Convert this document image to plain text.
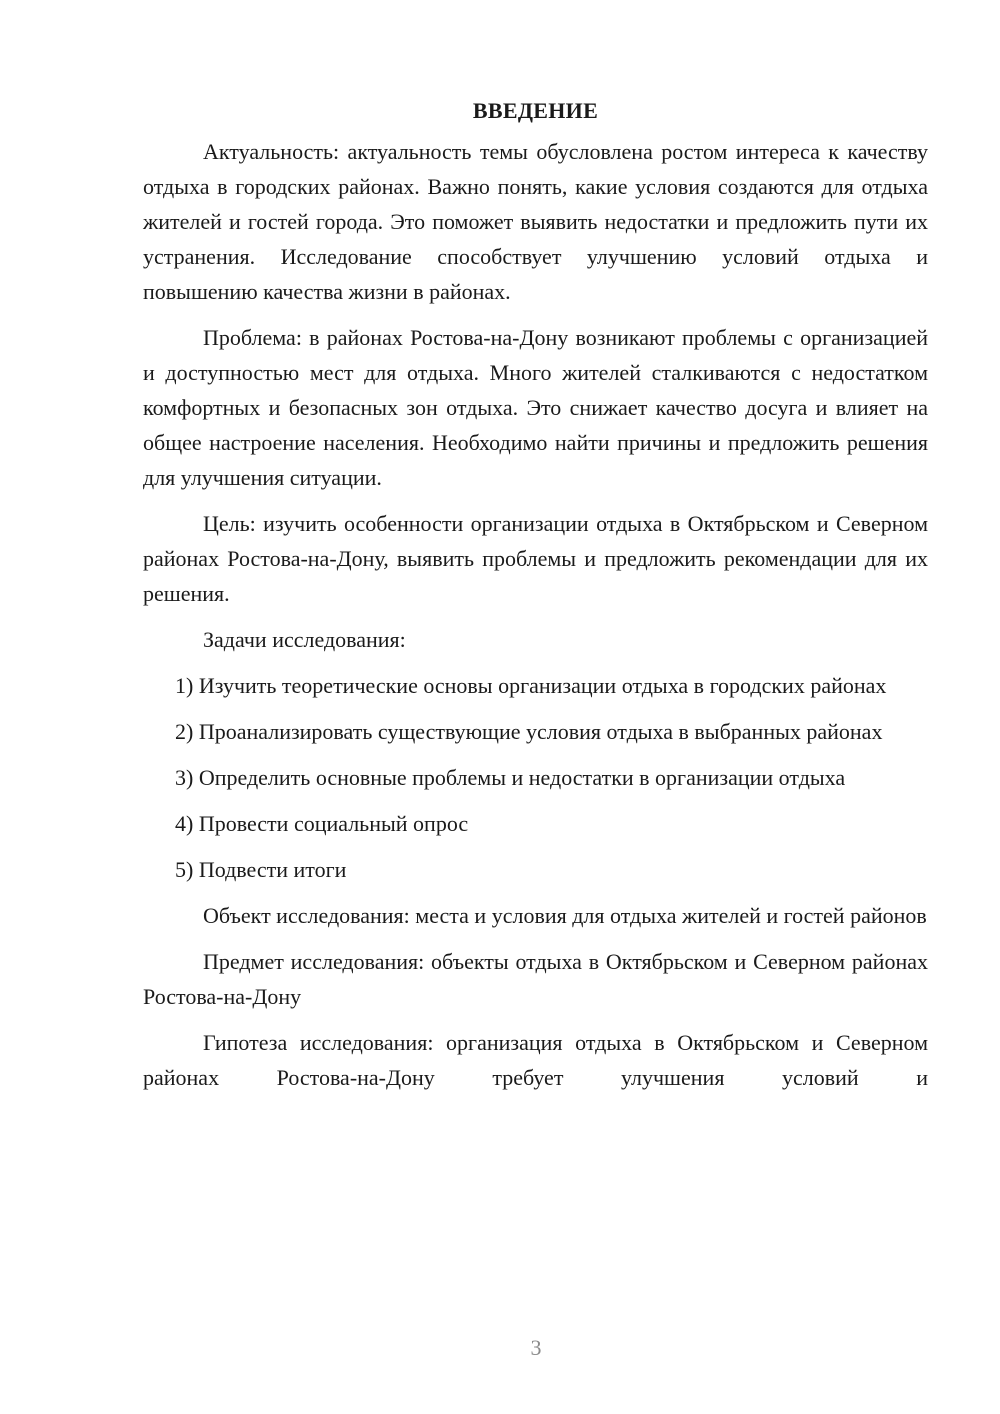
ВВЕДЕНИЕ

Актуальность: актуальность темы обусловлена ростом интереса к качеству отдыха в городских районах. Важно понять, какие условия создаются для отдыха жителей и гостей города. Это поможет выявить недостатки и предложить пути их устранения. Исследование способствует улучшению условий отдыха и повышению качества жизни в районах.

Проблема: в районах Ростова-на-Дону возникают проблемы с организацией и доступностью мест для отдыха. Много жителей сталкиваются с недостатком комфортных и безопасных зон отдыха. Это снижает качество досуга и влияет на общее настроение населения. Необходимо найти причины и предложить решения для улучшения ситуации.

Цель: изучить особенности организации отдыха в Октябрьском и Северном районах Ростова-на-Дону, выявить проблемы и предложить рекомендации для их решения.

Задачи исследования:

1) Изучить теоретические основы организации отдыха в городских районах

2) Проанализировать существующие условия отдыха в выбранных районах

3) Определить основные проблемы и недостатки в организации отдыха

4) Провести социальный опрос

5) Подвести итоги

Объект исследования: места и условия для отдыха жителей и гостей районов

Предмет исследования: объекты отдыха в Октябрьском и Северном районах Ростова-на-Дону

Гипотеза исследования: организация отдыха в Октябрьском и Северном районах Ростова-на-Дону требует улучшения условий и

3
